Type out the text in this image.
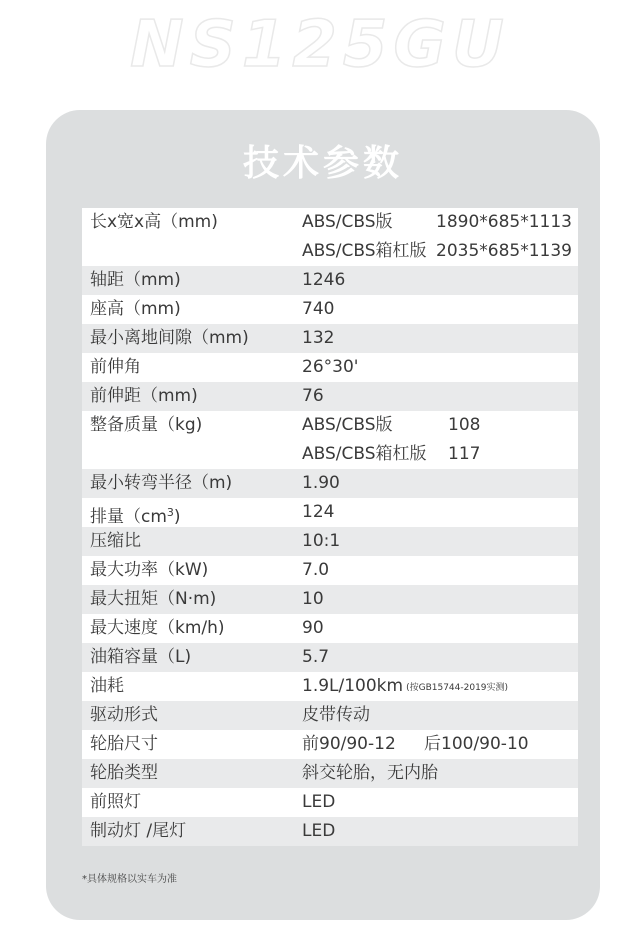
NS125GU
技术参数
长x宽x高（mm)	ABS/CBS版	1890*685*1113
ABS/CBS箱杠版 2035*685*1139
轴距（mm)	1246
座高（mm)	740
最小离地间隙（mm)	132
前伸角	26°30'
前伸距（mm)	76
整备质量（kg)	ABS/CBS版	108
ABS/CBS箱杠版 117
最小转弯半径（m)	1.90
排量$(cm^3)$	124
压缩比	10:1
最大功率（kW)	7.0
最大扭矩（N·m)	10
最大速度（km/h)	90
油箱容量（L)	5.7
油耗	1.9L/100km (按GB15744-2019实测)
驱动形式	皮带传动
轮胎尺寸	前90/90-12 后100/90-10
轮胎类型	斜交轮胎，无内胎
前照灯	LED
制动灯 /尾灯	LED
*具体规格以实车为准
